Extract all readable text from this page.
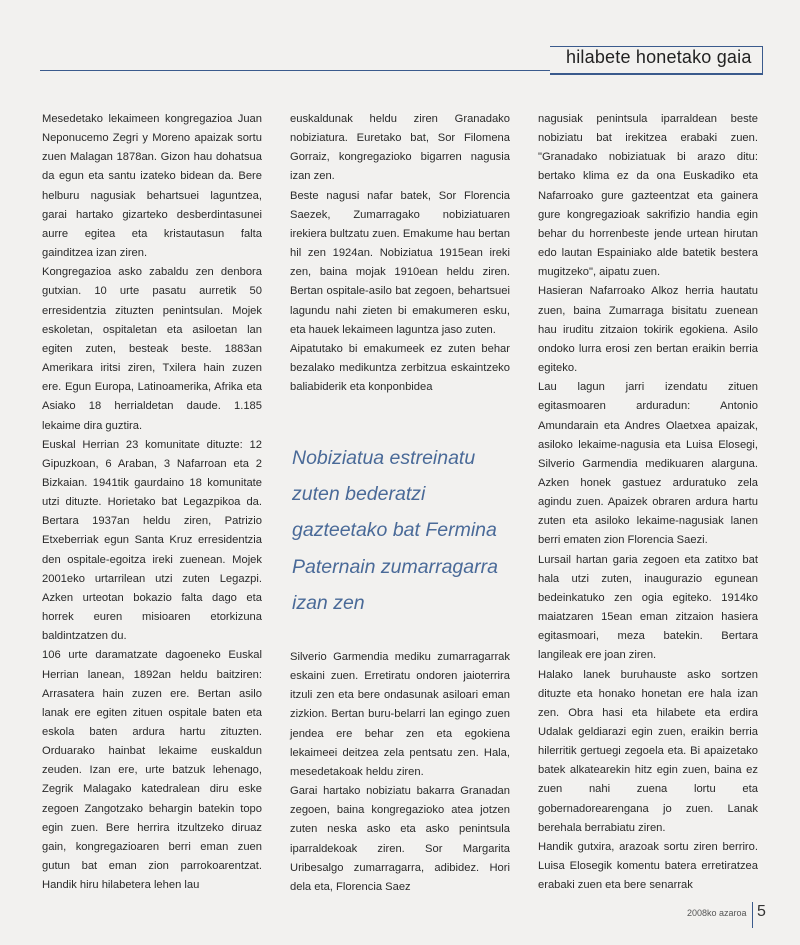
hilabete honetako gaia

Mesedetako lekaimeen kongregazioa Juan Neponucemo Zegri y Moreno apaizak sortu zuen Malagan 1878an. Gizon hau dohatsua da egun eta santu izateko bidean da. Bere helburu nagusiak behartsuei laguntzea, garai hartako gizarteko desberdintasunei aurre egitea eta kristautasun falta gainditzea izan ziren.

Kongregazioa asko zabaldu zen denbora gutxian. 10 urte pasatu aurretik 50 erresidentzia zituzten penintsulan. Mojek eskoletan, ospitaletan eta asiloetan lan egiten zuten, besteak beste. 1883an Amerikara iritsi ziren, Txilera hain zuzen ere. Egun Europa, Latinoamerika, Afrika eta Asiako 18 herrialdetan daude. 1.185 lekaime dira guztira.

Euskal Herrian 23 komunitate dituzte: 12 Gipuzkoan, 6 Araban, 3 Nafarroan eta 2 Bizkaian. 1941tik gaurdaino 18 komunitate utzi dituzte. Horietako bat Legazpikoa da. Bertara 1937an heldu ziren, Patrizio Etxeberriak egun Santa Kruz erresidentzia den ospitale-egoitza ireki zuenean. Mojek 2001eko urtarrilean utzi zuten Legazpi. Azken urteotan bokazio falta dago eta horrek euren misioaren etorkizuna baldintzatzen du.

106 urte daramatzate dagoeneko Euskal Herrian lanean, 1892an heldu baitziren: Arrasatera hain zuzen ere. Bertan asilo lanak ere egiten zituen ospitale baten eta eskola baten ardura hartu zituzten. Orduarako hainbat lekaime euskaldun zeuden. Izan ere, urte batzuk lehenago, Zegrik Malagako katedralean diru eske zegoen Zangotzako behargin batekin topo egin zuen. Bere herrira itzultzeko diruaz gain, kongregazioaren berri eman zuen gutun bat eman zion parrokoarentzat. Handik hiru hilabetera lehen lau

euskaldunak heldu ziren Granadako nobiziatura. Euretako bat, Sor Filomena Gorraiz, kongregazioko bigarren nagusia izan zen.

Beste nagusi nafar batek, Sor Florencia Saezek, Zumarragako nobiziatuaren irekiera bultzatu zuen. Emakume hau bertan hil zen 1924an. Nobiziatua 1915ean ireki zen, baina mojak 1910ean heldu ziren. Bertan ospitale-asilo bat zegoen, behartsuei lagundu nahi zieten bi emakumeren esku, eta hauek lekaimeen laguntza jaso zuten.

Aipatutako bi emakumeek ez zuten behar bezalako medikuntza zerbitzua eskaintzeko baliabiderik eta konponbidea

Nobiziatua estreinatu

zuten bederatzi

gazteetako bat Fermina

Paternain zumarragarra

izan zen

Silverio Garmendia mediku zumarragarrak eskaini zuen. Erretiratu ondoren jaioterrira itzuli zen eta bere ondasunak asiloari eman zizkion. Bertan buru-belarri lan egingo zuen jendea ere behar zen eta egokiena lekaimeei deitzea zela pentsatu zen. Hala, mesedetakoak heldu ziren.

Garai hartako nobiziatu bakarra Granadan zegoen, baina kongregazioko atea jotzen zuten neska asko eta asko penintsula iparraldekoak ziren. Sor Margarita Uribesalgo zumarragarra, adibidez. Hori dela eta, Florencia Saez

nagusiak penintsula iparraldean beste nobiziatu bat irekitzea erabaki zuen. "Granadako nobiziatuak bi arazo ditu: bertako klima ez da ona Euskadiko eta Nafarroako gure gazteentzat eta gainera gure kongregazioak sakrifizio handia egin behar du horrenbeste jende urtean hirutan edo lautan Espainiako alde batetik bestera mugitzeko", aipatu zuen.

Hasieran Nafarroako Alkoz herria hautatu zuen, baina Zumarraga bisitatu zuenean hau iruditu zitzaion tokirik egokiena. Asilo ondoko lurra erosi zen bertan eraikin berria egiteko.

Lau lagun jarri izendatu zituen egitasmoaren arduradun: Antonio Amundarain eta Andres Olaetxea apaizak, asiloko lekaime-nagusia eta Luisa Elosegi, Silverio Garmendia medikuaren alarguna. Azken honek gastuez arduratuko zela agindu zuen. Apaizek obraren ardura hartu zuten eta asiloko lekaime-nagusiak lanen berri ematen zion Florencia Saezi.

Lursail hartan garia zegoen eta zatitxo bat hala utzi zuten, inaugurazio egunean bedeinkatuko zen ogia egiteko. 1914ko maiatzaren 15ean eman zitzaion hasiera egitasmoari, meza batekin. Bertara langileak ere joan ziren.

Halako lanek buruhauste asko sortzen dituzte eta honako honetan ere hala izan zen. Obra hasi eta hilabete eta erdira Udalak geldiarazi egin zuen, eraikin berria hilerritik gertuegi zegoela eta. Bi apaizetako batek alkatearekin hitz egin zuen, baina ez zuen nahi zuena lortu eta gobernadorearengana jo zuen. Lanak berehala berrabiatu ziren.

Handik gutxira, arazoak sortu ziren berriro. Luisa Elosegik komentu batera erretiratzea erabaki zuen eta bere senarrak

2008ko azaroa 5
